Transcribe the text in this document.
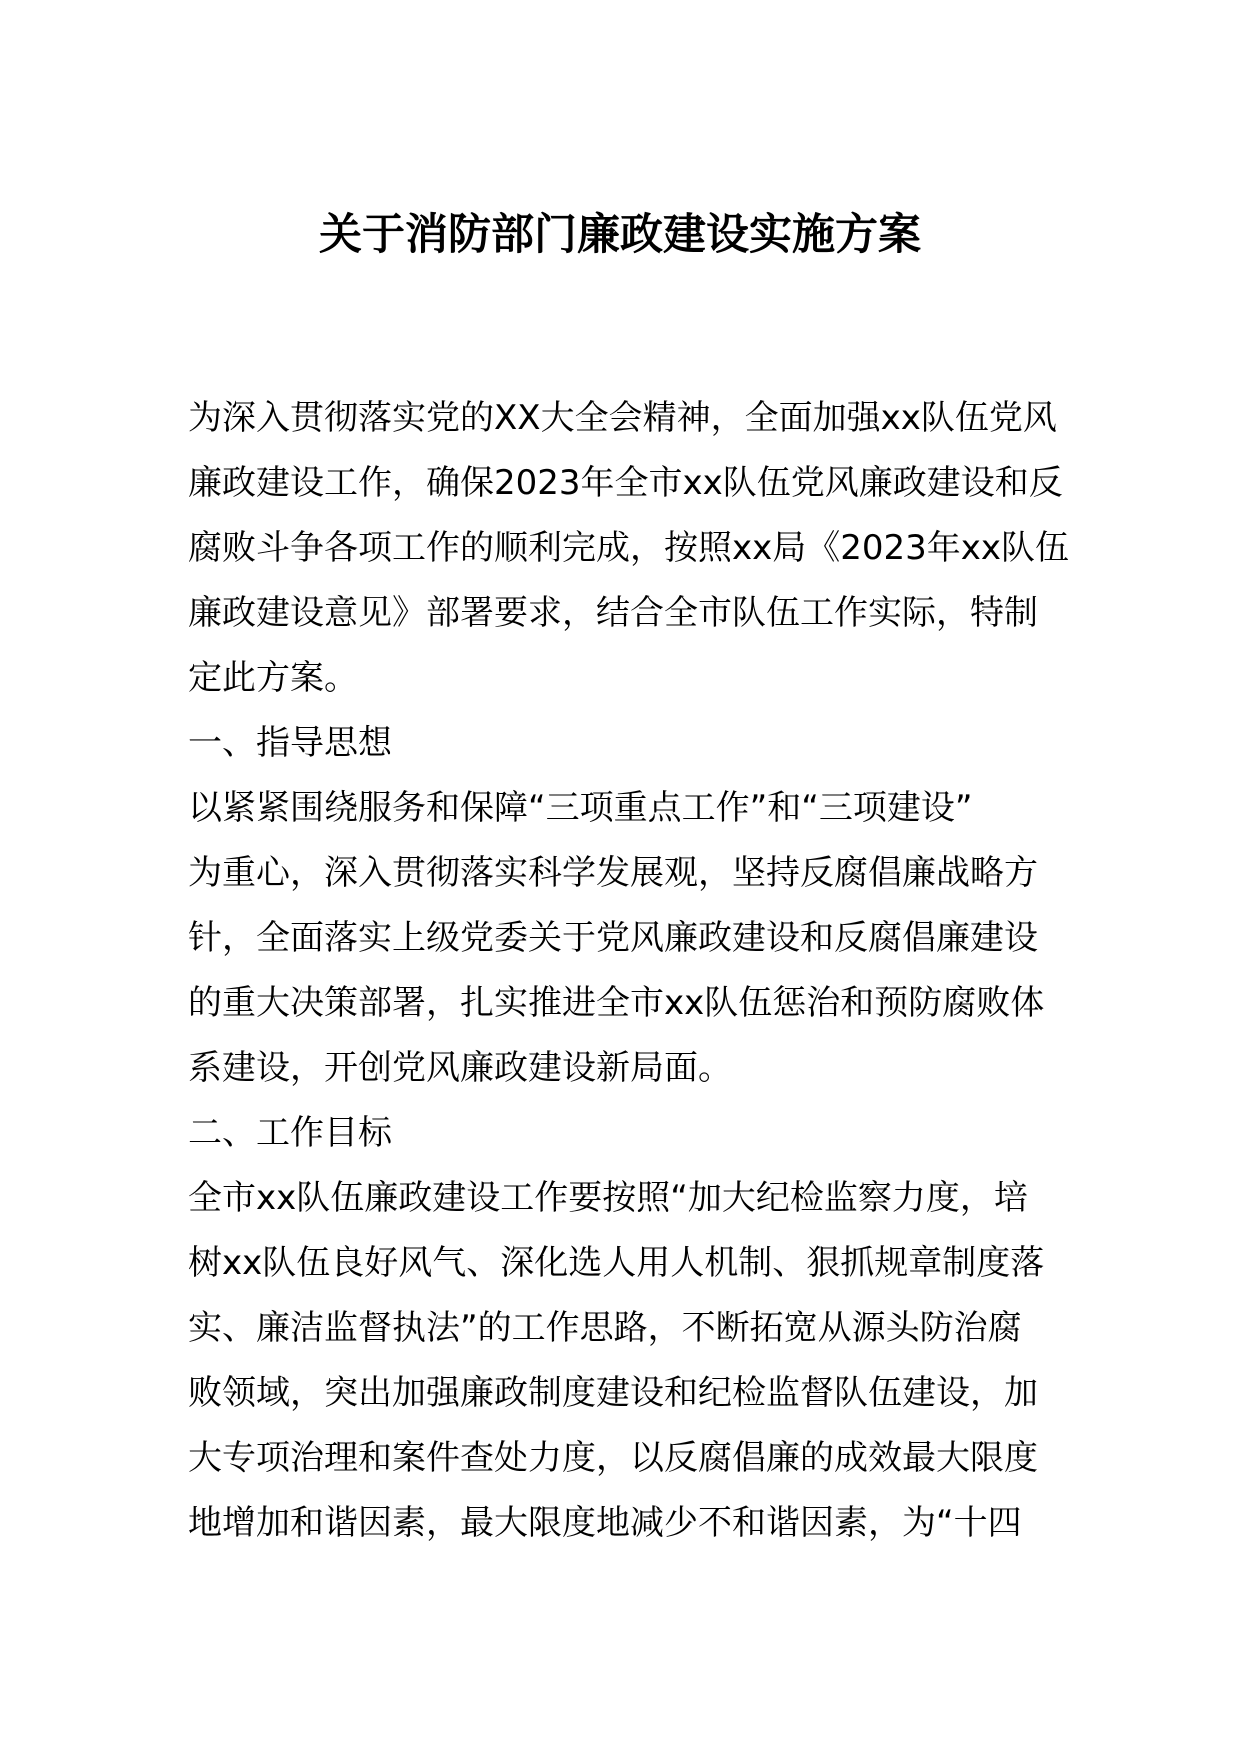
关于消防部门廉政建设实施方案
为深入贯彻落实党的XX大全会精神，全面加强xx队伍党风
廉政建设工作，确保2023年全市xx队伍党风廉政建设和反
腐败斗争各项工作的顺利完成，按照xx局《2023年xx队伍
廉政建设意见》部署要求，结合全市队伍工作实际，特制
定此方案。
一、指导思想
以紧紧围绕服务和保障“三项重点工作”和“三项建设”
为重心，深入贯彻落实科学发展观，坚持反腐倡廉战略方
针，全面落实上级党委关于党风廉政建设和反腐倡廉建设
的重大决策部署，扎实推进全市xx队伍惩治和预防腐败体
系建设，开创党风廉政建设新局面。
二、工作目标
全市xx队伍廉政建设工作要按照“加大纪检监察力度，培
树xx队伍良好风气、深化选人用人机制、狠抓规章制度落
实、廉洁监督执法”的工作思路，不断拓宽从源头防治腐
败领域，突出加强廉政制度建设和纪检监督队伍建设，加
大专项治理和案件查处力度，以反腐倡廉的成效最大限度
地增加和谐因素，最大限度地减少不和谐因素，为“十四
